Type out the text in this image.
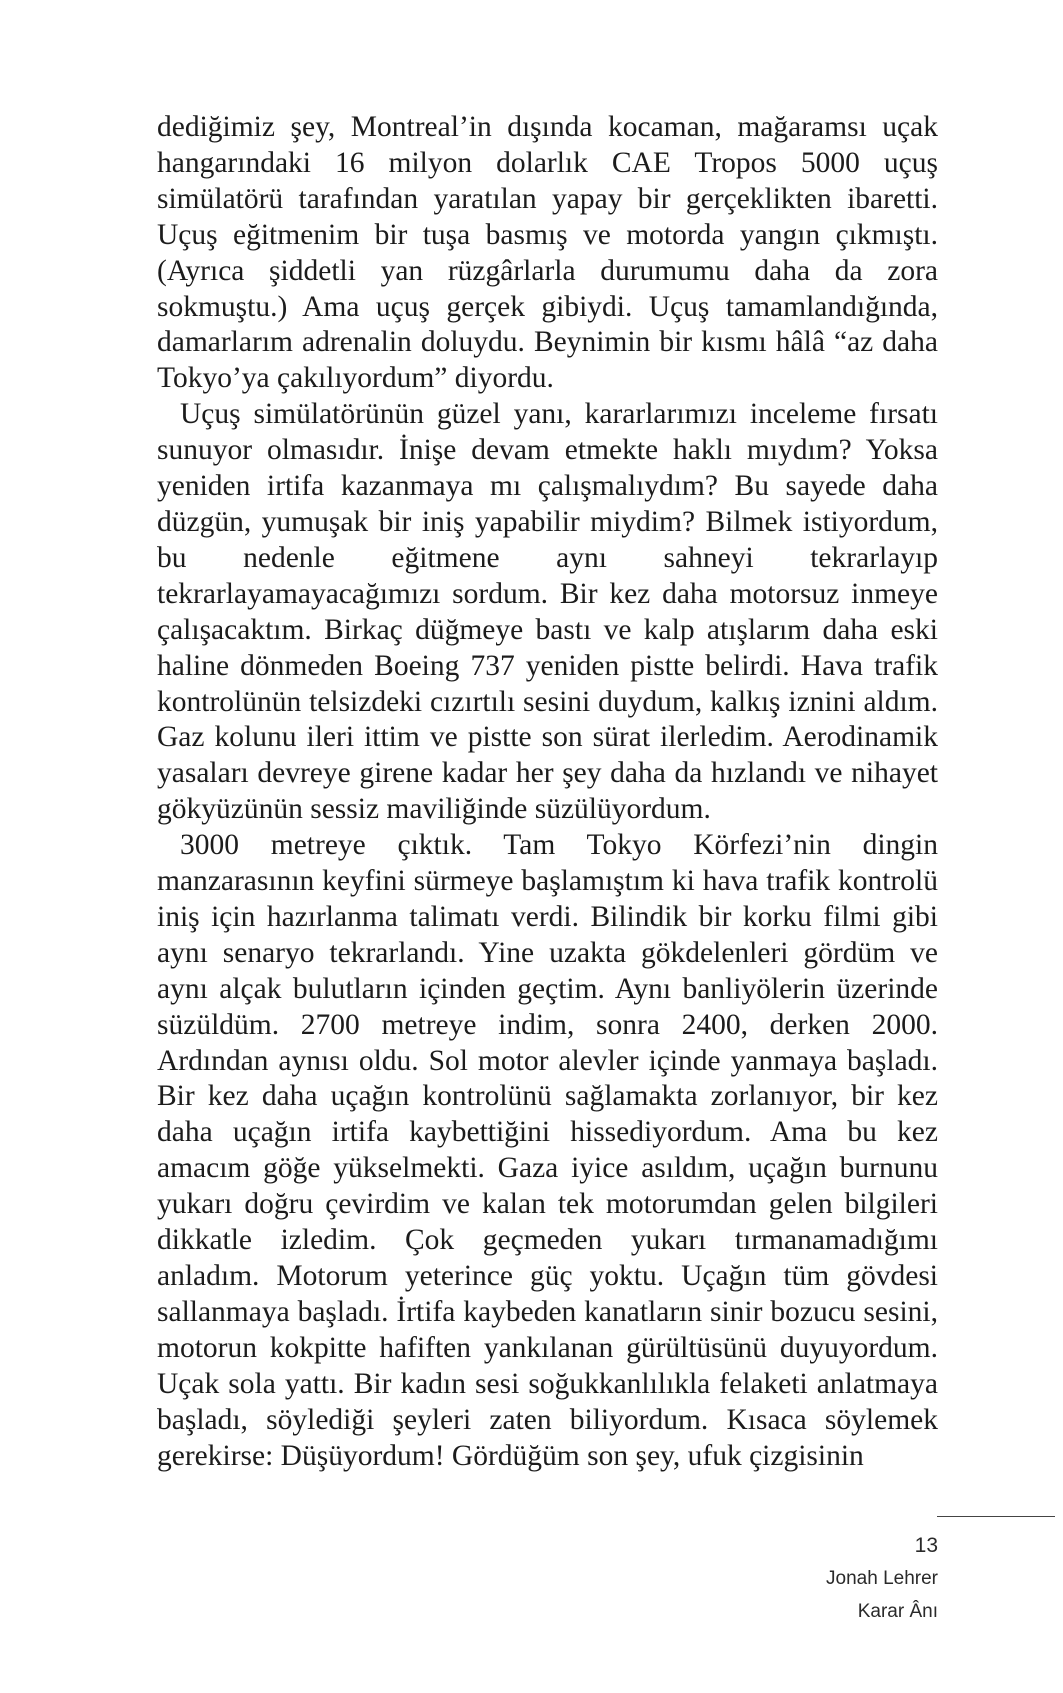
dediğimiz şey, Montreal’in dışında kocaman, mağaramsı uçak hangarındaki 16 milyon dolarlık CAE Tropos 5000 uçuş simülatörü tarafından yaratılan yapay bir gerçeklikten ibaretti. Uçuş eğitmenim bir tuşa basmış ve motorda yangın çıkmıştı. (Ayrıca şiddetli yan rüzgârlarla durumumu daha da zora sokmuştu.) Ama uçuş gerçek gibiydi. Uçuş tamamlandığında, damarlarım adrenalin doluydu. Beynimin bir kısmı hâlâ “az daha Tokyo’ya çakılıyordum” diyordu.

Uçuş simülatörünün güzel yanı, kararlarımızı inceleme fırsatı sunuyor olmasıdır. İnişe devam etmekte haklı mıydım? Yoksa yeniden irtifa kazanmaya mı çalışmalıydım? Bu sayede daha düzgün, yumuşak bir iniş yapabilir miydim? Bilmek istiyordum, bu nedenle eğitmene aynı sahneyi tekrarlayıp tekrarlayamayacağımızı sordum. Bir kez daha motorsuz inmeye çalışacaktım. Birkaç düğmeye bastı ve kalp atışlarım daha eski haline dönmeden Boeing 737 yeniden pistte belirdi. Hava trafik kontrolünün telsizdeki cızırtılı sesini duydum, kalkış iznini aldım. Gaz kolunu ileri ittim ve pistte son sürat ilerledim. Aerodinamik yasaları devreye girene kadar her şey daha da hızlandı ve nihayet gökyüzünün sessiz maviliğinde süzülüyordum.

3000 metreye çıktık. Tam Tokyo Körfezi’nin dingin manzarasının keyfini sürmeye başlamıştım ki hava trafik kontrolü iniş için hazırlanma talimatı verdi. Bilindik bir korku filmi gibi aynı senaryo tekrarlandı. Yine uzakta gökdelenleri gördüm ve aynı alçak bulutların içinden geçtim. Aynı banliyölerin üzerinde süzüldüm. 2700 metreye indim, sonra 2400, derken 2000. Ardından aynısı oldu. Sol motor alevler içinde yanmaya başladı. Bir kez daha uçağın kontrolünü sağlamakta zorlanıyor, bir kez daha uçağın irtifa kaybettiğini hissediyordum. Ama bu kez amacım göğe yükselmekti. Gaza iyice asıldım, uçağın burnunu yukarı doğru çevirdim ve kalan tek motorumdan gelen bilgileri dikkatle izledim. Çok geçmeden yukarı tırmanamadığımı anladım. Motorum yeterince güç yoktu. Uçağın tüm gövdesi sallanmaya başladı. İrtifa kaybeden kanatların sinir bozucu sesini, motorun kokpitte hafiften yankılanan gürültüsünü duyuyordum. Uçak sola yattı. Bir kadın sesi soğukkanlılıkla felaketi anlatmaya başladı, söylediği şeyleri zaten biliyordum. Kısaca söylemek gerekirse: Düşüyordum! Gördüğüm son şey, ufuk çizgisinin

13
Jonah Lehrer
Karar Ânı
